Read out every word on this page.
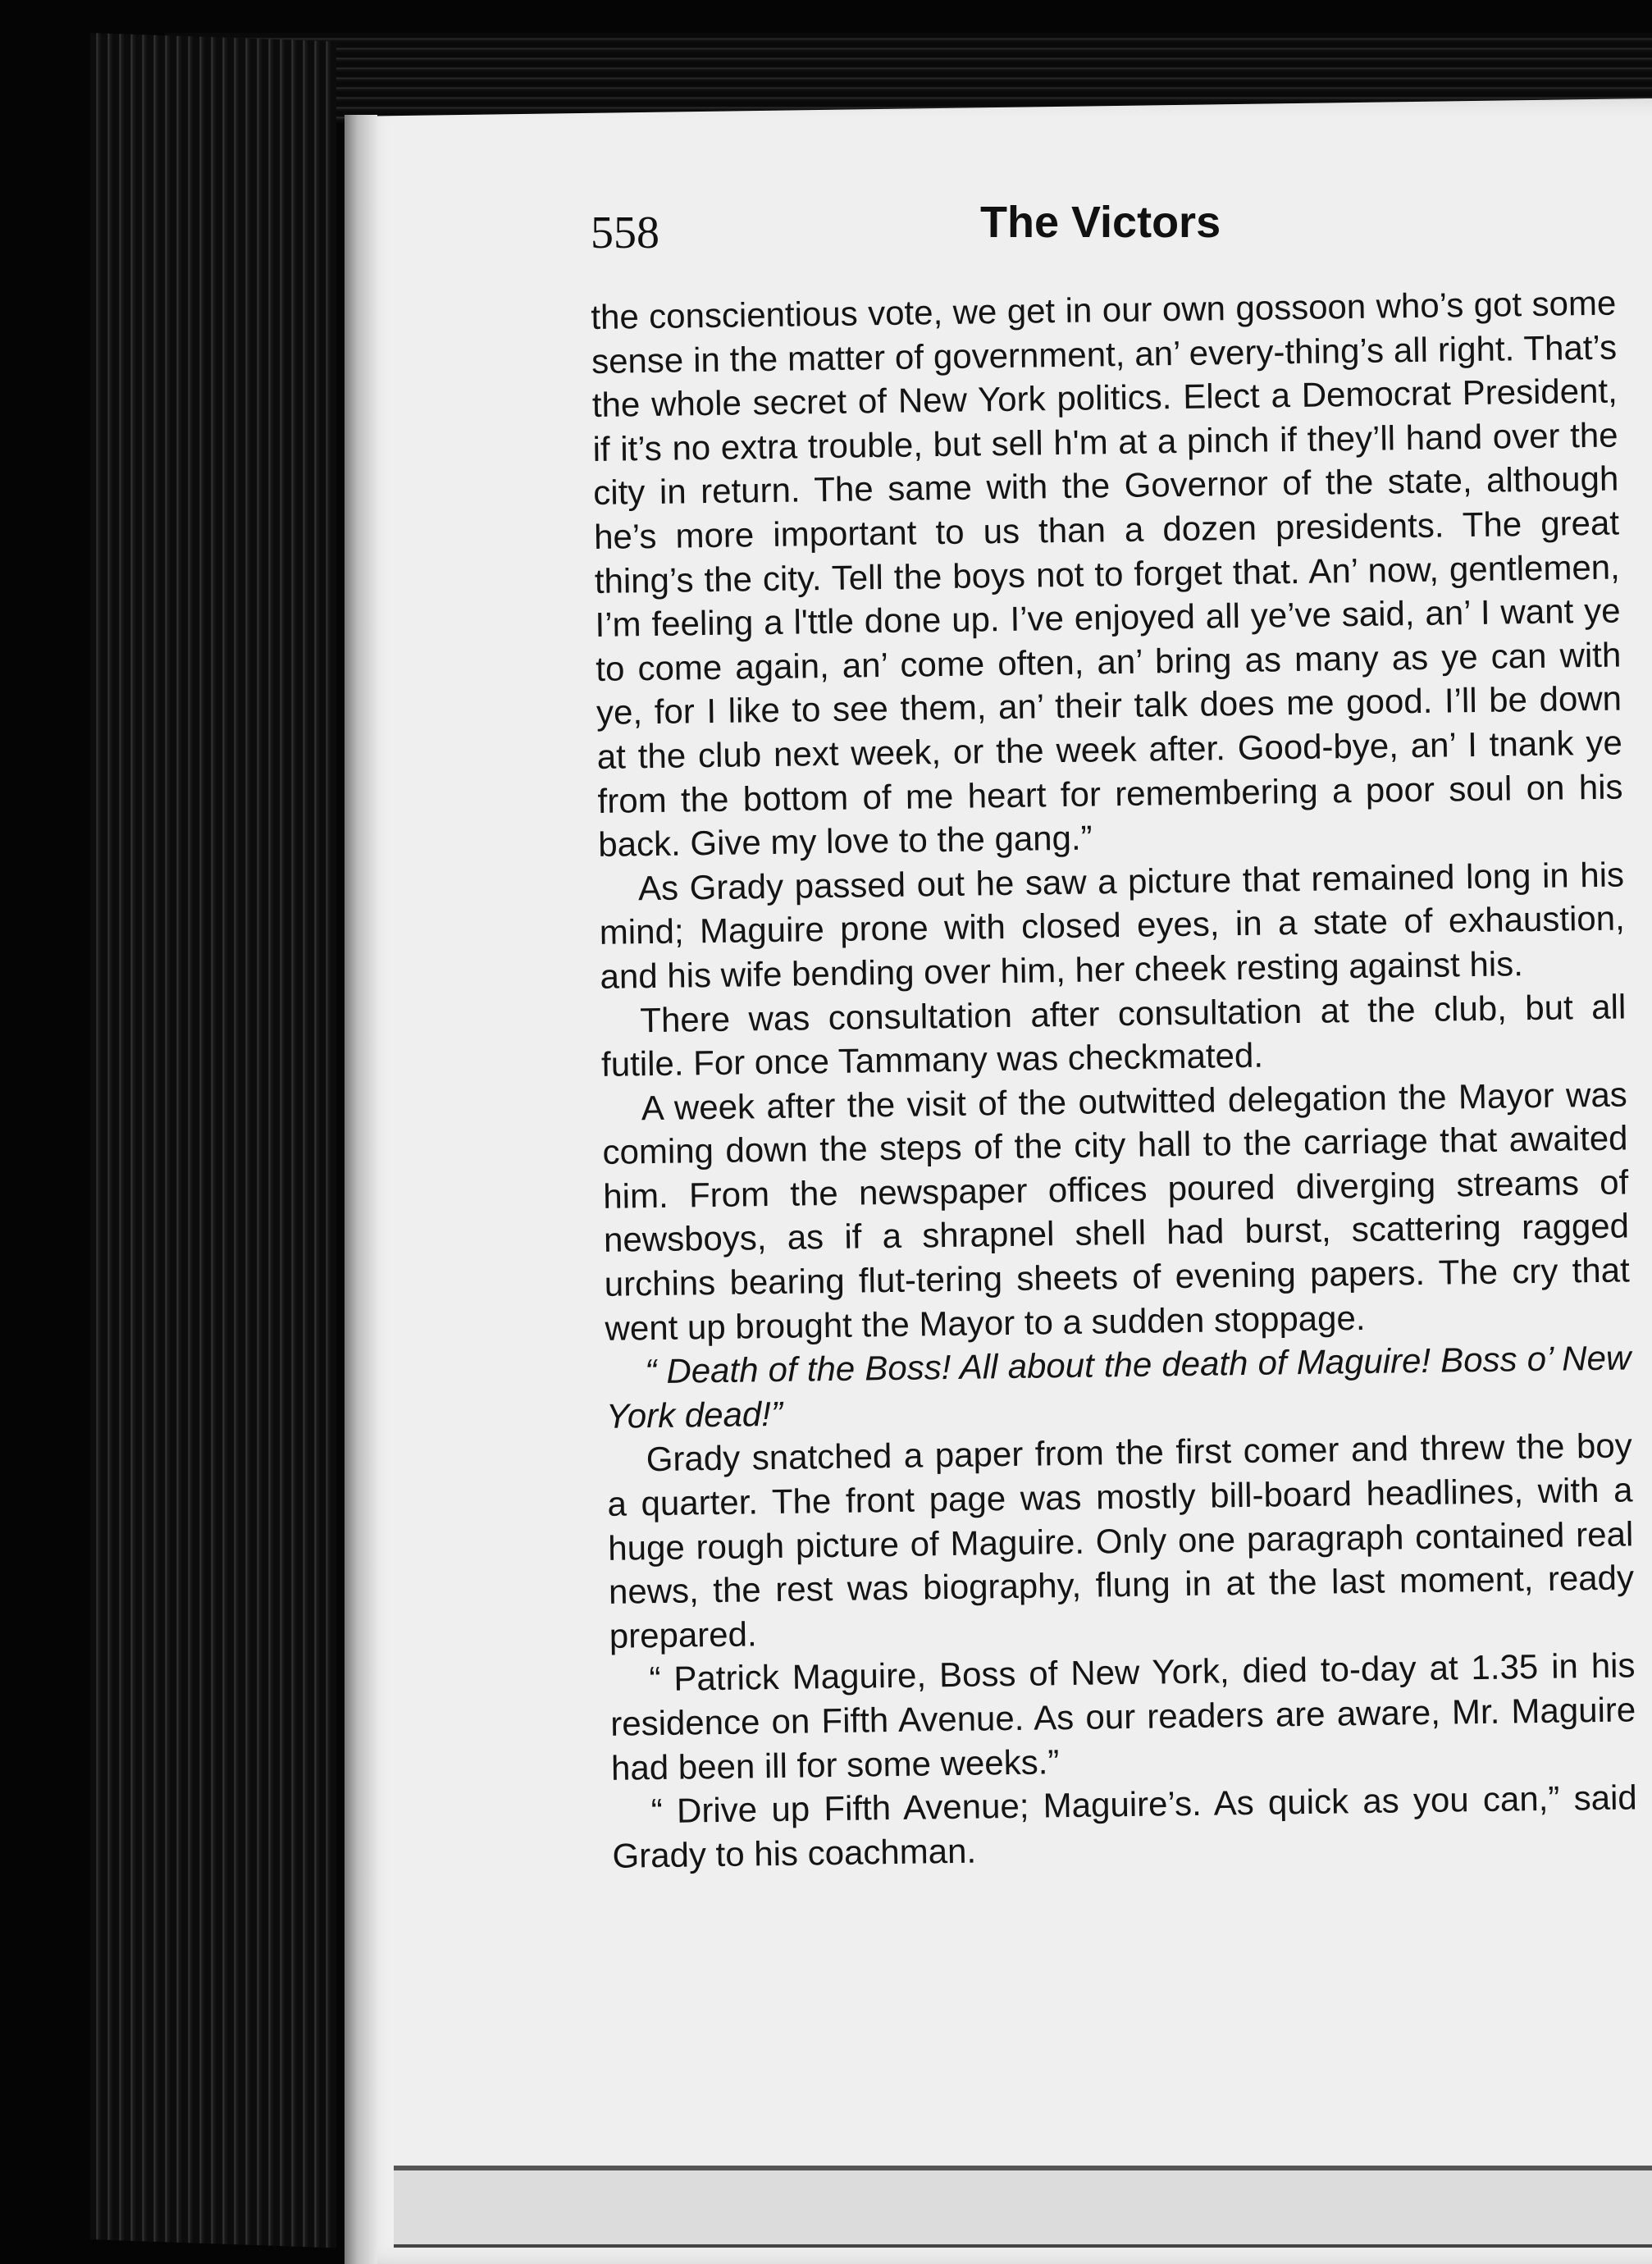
558	The Victors

the conscientious vote, we get in our own gossoon who’s got some sense in the matter of government, an’ every-thing’s all right. That’s the whole secret of New York politics. Elect a Democrat President, if it’s no extra trouble, but sell h'm at a pinch if they’ll hand over the city in return. The same with the Governor of the state, although he’s more important to us than a dozen presidents. The great thing’s the city. Tell the boys not to forget that. An’ now, gentlemen, I’m feeling a l'ttle done up. I’ve enjoyed all ye’ve said, an’ I want ye to come again, an’ come often, an’ bring as many as ye can with ye, for I like to see them, an’ their talk does me good. I’ll be down at the club next week, or the week after. Good-bye, an’ I tnank ye from the bottom of me heart for remembering a poor soul on his back. Give my love to the gang.”

As Grady passed out he saw a picture that remained long in his mind; Maguire prone with closed eyes, in a state of exhaustion, and his wife bending over him, her cheek resting against his.

There was consultation after consultation at the club, but all futile. For once Tammany was checkmated.

A week after the visit of the outwitted delegation the Mayor was coming down the steps of the city hall to the carriage that awaited him. From the newspaper offices poured diverging streams of newsboys, as if a shrapnel shell had burst, scattering ragged urchins bearing flut-tering sheets of evening papers. The cry that went up brought the Mayor to a sudden stoppage.

“ Death of the Boss! All about the death of Maguire! Boss o’ New York dead!”

Grady snatched a paper from the first comer and threw the boy a quarter. The front page was mostly bill-board headlines, with a huge rough picture of Maguire. Only one paragraph contained real news, the rest was biography, flung in at the last moment, ready prepared.

“ Patrick Maguire, Boss of New York, died to-day at 1.35 in his residence on Fifth Avenue. As our readers are aware, Mr. Maguire had been ill for some weeks.”

“ Drive up Fifth Avenue; Maguire’s. As quick as you can,” said Grady to his coachman.
